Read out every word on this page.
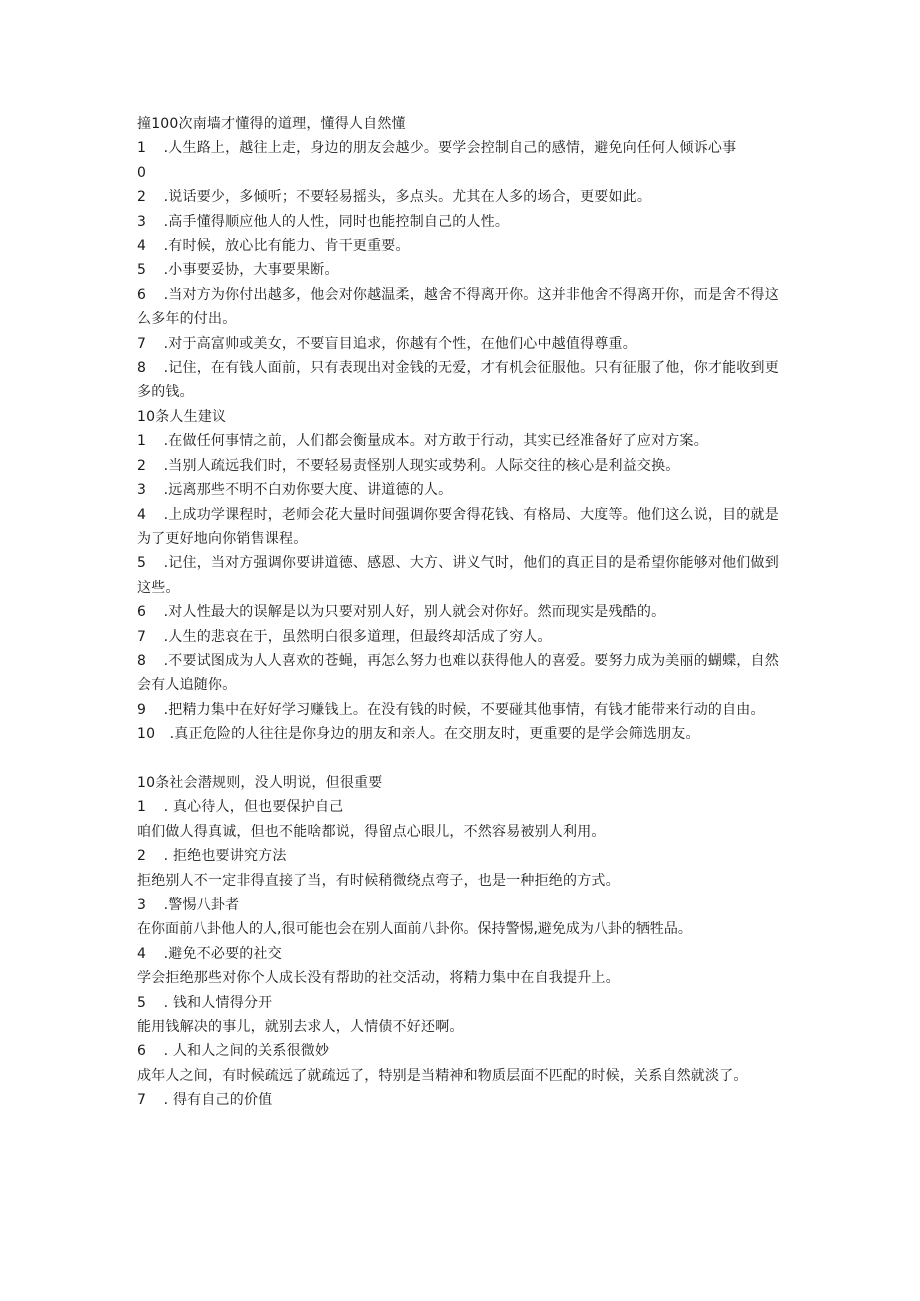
撞100次南墙才懂得的道理，懂得人自然懂
1 .人生路上，越往上走，身边的朋友会越少。要学会控制自己的感情，避免向任何人倾诉心事
0
2 .说话要少，多倾听；不要轻易摇头，多点头。尤其在人多的场合，更要如此。
3 .高手懂得顺应他人的人性，同时也能控制自己的人性。
4 .有时候，放心比有能力、肯干更重要。
5 .小事要妥协，大事要果断。
6 .当对方为你付出越多，他会对你越温柔，越舍不得离开你。这并非他舍不得离开你，而是舍不得这么多年的付出。
7 .对于高富帅或美女，不要盲目追求，你越有个性，在他们心中越值得尊重。
8 .记住，在有钱人面前，只有表现出对金钱的无爱，才有机会征服他。只有征服了他，你才能收到更多的钱。
10条人生建议
1 .在做任何事情之前，人们都会衡量成本。对方敢于行动，其实已经准备好了应对方案。
2 .当别人疏远我们时，不要轻易责怪别人现实或势利。人际交往的核心是利益交换。
3 .远离那些不明不白劝你要大度、讲道德的人。
4 .上成功学课程时，老师会花大量时间强调你要舍得花钱、有格局、大度等。他们这么说，目的就是为了更好地向你销售课程。
5 .记住，当对方强调你要讲道德、感恩、大方、讲义气时，他们的真正目的是希望你能够对他们做到这些。
6 .对人性最大的误解是以为只要对别人好，别人就会对你好。然而现实是残酷的。
7 .人生的悲哀在于，虽然明白很多道理，但最终却活成了穷人。
8 .不要试图成为人人喜欢的苍蝇，再怎么努力也难以获得他人的喜爱。要努力成为美丽的蝴蝶，自然会有人追随你。
9 .把精力集中在好好学习赚钱上。在没有钱的时候，不要碰其他事情，有钱才能带来行动的自由。
10 .真正危险的人往往是你身边的朋友和亲人。在交朋友时，更重要的是学会筛选朋友。
10条社会潜规则，没人明说，但很重要
1 . 真心待人，但也要保护自己
咱们做人得真诚，但也不能啥都说，得留点心眼儿，不然容易被别人利用。
2 . 拒绝也要讲究方法
拒绝别人不一定非得直接了当，有时候稍微绕点弯子，也是一种拒绝的方式。
3 .警惕八卦者
在你面前八卦他人的人,很可能也会在别人面前八卦你。保持警惕,避免成为八卦的牺牲品。
4 .避免不必要的社交
学会拒绝那些对你个人成长没有帮助的社交活动，将精力集中在自我提升上。
5 . 钱和人情得分开
能用钱解决的事儿，就别去求人，人情债不好还啊。
6 . 人和人之间的关系很微妙
成年人之间，有时候疏远了就疏远了，特别是当精神和物质层面不匹配的时候，关系自然就淡了。
7 . 得有自己的价值
